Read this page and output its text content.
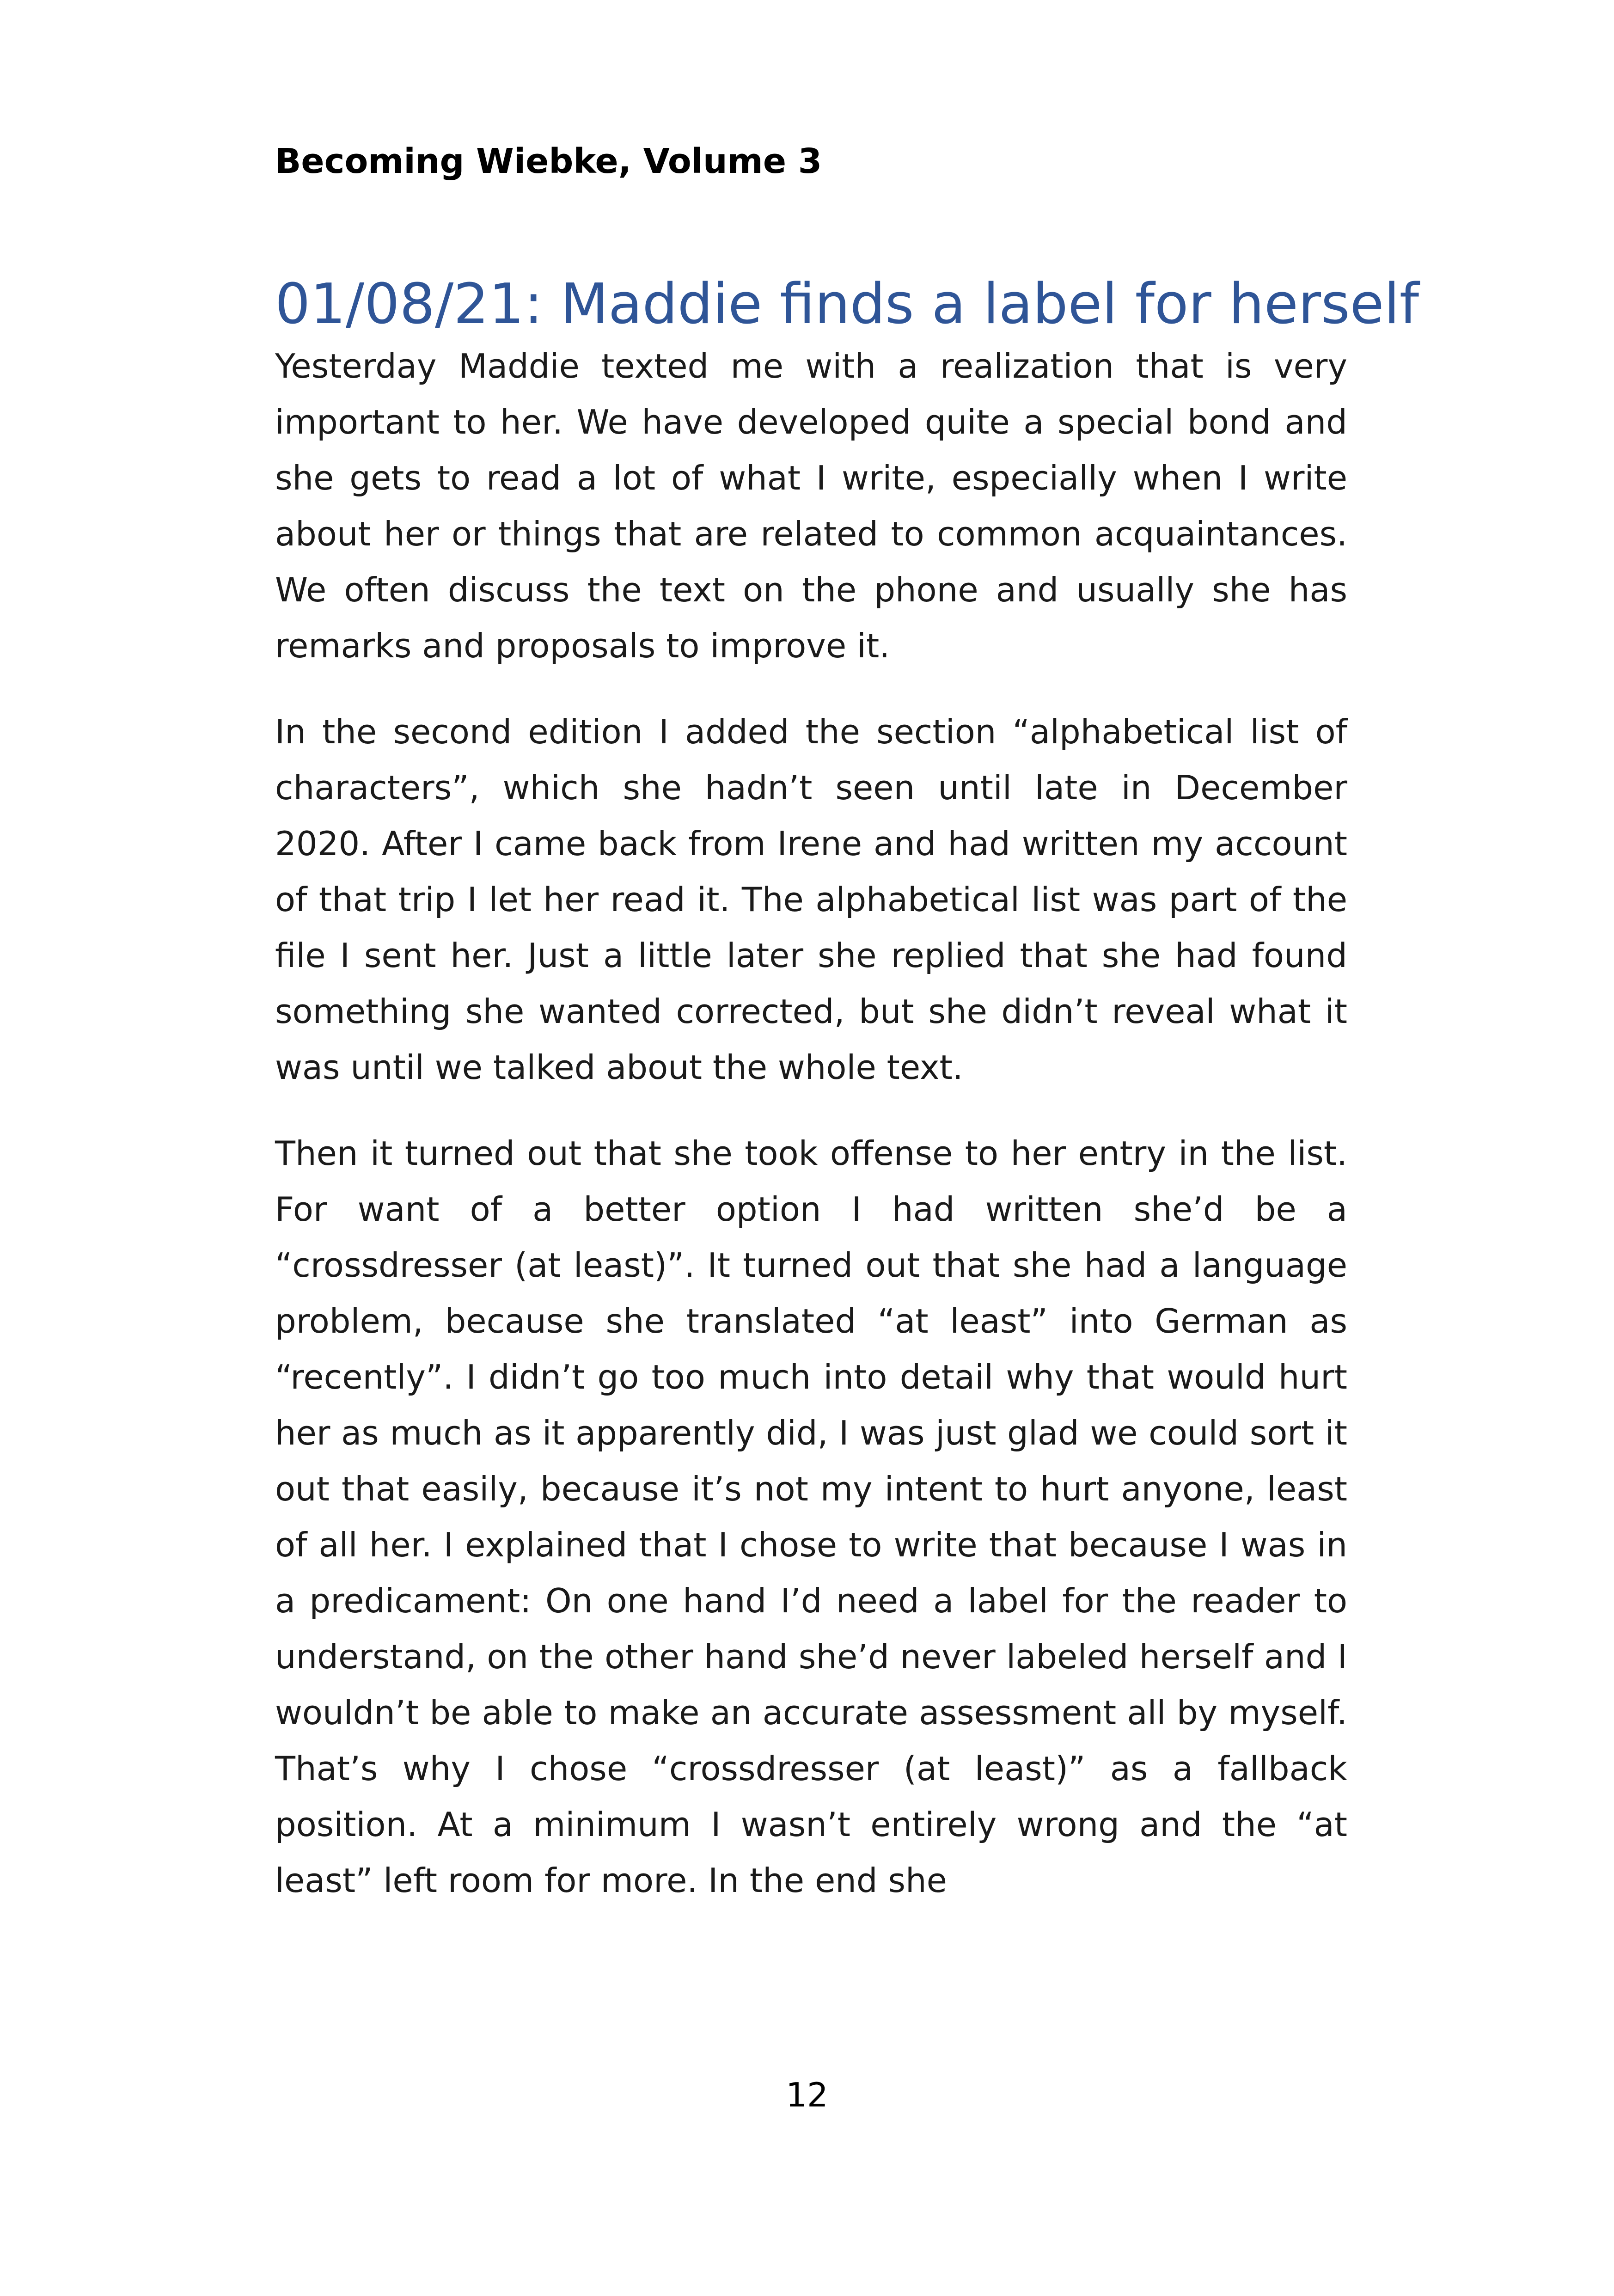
Becoming Wiebke, Volume 3
01/08/21: Maddie finds a label for herself

Yesterday Maddie texted me with a realization that is very important to her. We have developed quite a special bond and she gets to read a lot of what I write, especially when I write about her or things that are related to common acquaintances. We often discuss the text on the phone and usually she has remarks and proposals to improve it.

In the second edition I added the section “alphabetical list of characters”, which she hadn’t seen until late in December 2020. After I came back from Irene and had written my account of that trip I let her read it. The alphabetical list was part of the file I sent her. Just a little later she replied that she had found something she wanted corrected, but she didn’t reveal what it was until we talked about the whole text.

Then it turned out that she took offense to her entry in the list. For want of a better option I had written she’d be a “crossdresser (at least)”. It turned out that she had a language problem, because she translated “at least” into German as “recently”. I didn’t go too much into detail why that would hurt her as much as it apparently did, I was just glad we could sort it out that easily, because it’s not my intent to hurt anyone, least of all her. I explained that I chose to write that because I was in a predicament: On one hand I’d need a label for the reader to understand, on the other hand she’d never labeled herself and I wouldn’t be able to make an accurate assessment all by myself. That’s why I chose “crossdresser (at least)” as a fallback position. At a minimum I wasn’t entirely wrong and the “at least” left room for more. In the end she

12
